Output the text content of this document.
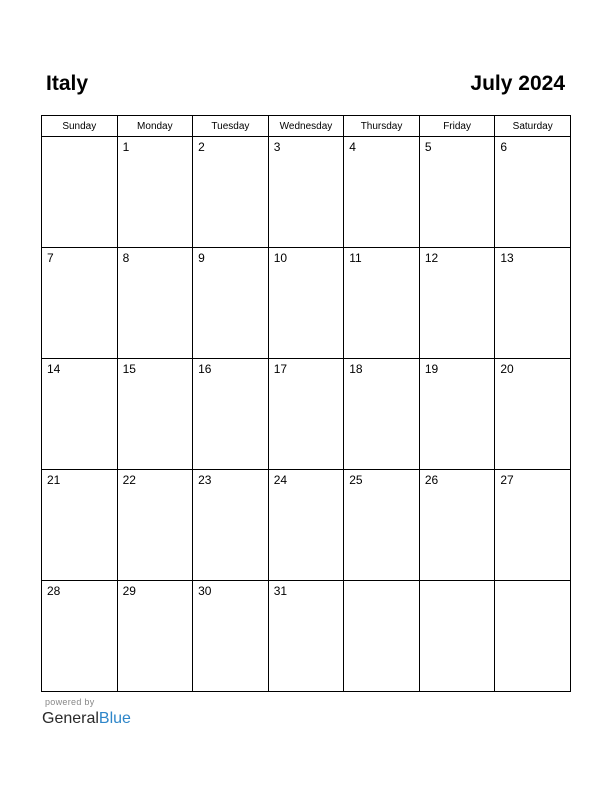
Italy	July 2024
Sunday	Monday	Tuesday	Wednesday	Thursday	Friday	Saturday

	1	2	3	4	5	6

7	8	9	10	11	12	13

14	15	16	17	18	19	20

21	22	23	24	25	26	27

28	29	30	31			

powered by
GeneralBlue
